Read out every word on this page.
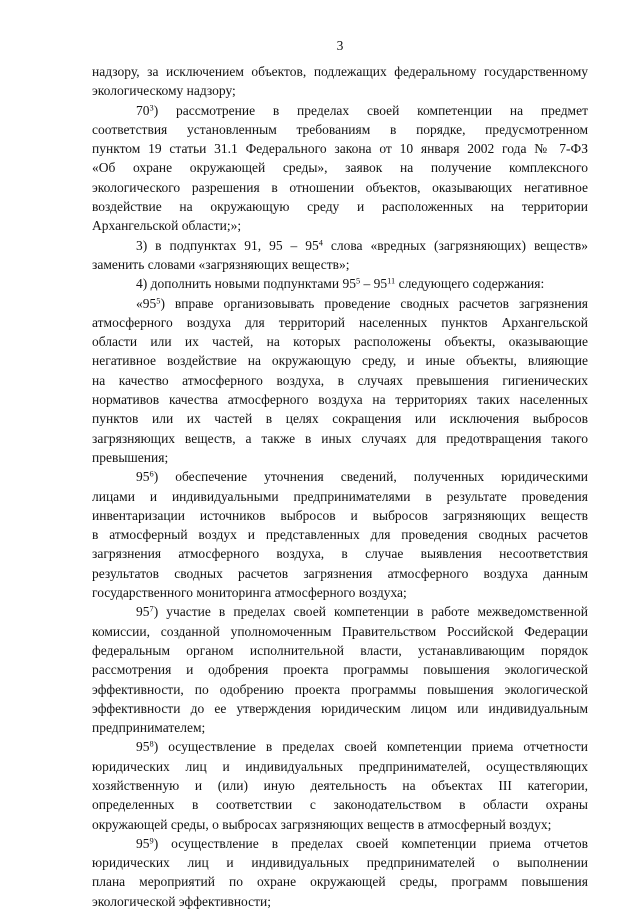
3
надзору, за исключением объектов, подлежащих федеральному государственному
экологическому надзору;
$70^3$) рассмотрение в пределах своей компетенции на предмет
соответствия установленным требованиям в порядке, предусмотренном
пунктом 19 статьи 31.1 Федерального закона от 10 января 2002 года № 7-ФЗ
«Об охране окружающей среды», заявок на получение комплексного
экологического разрешения в отношении объектов, оказывающих негативное
воздействие на окружающую среду и расположенных на территории
Архангельской области;»;
3) в подпунктах 91, $95 - 95^4$ слова «вредных (загрязняющих) веществ»
заменить словами «загрязняющих веществ»;
4) дополнить новыми подпунктами $95^5 - 95^{11}$ следующего содержания:
«$95^5$) вправе организовывать проведение сводных расчетов загрязнения
атмосферного воздуха для территорий населенных пунктов Архангельской
области или их частей, на которых расположены объекты, оказывающие
негативное воздействие на окружающую среду, и иные объекты, влияющие
на качество атмосферного воздуха, в случаях превышения гигиенических
нормативов качества атмосферного воздуха на территориях таких населенных
пунктов или их частей в целях сокращения или исключения выбросов
загрязняющих веществ, а также в иных случаях для предотвращения такого
превышения;
$95^6$) обеспечение уточнения сведений, полученных юридическими
лицами и индивидуальными предпринимателями в результате проведения
инвентаризации источников выбросов и выбросов загрязняющих веществ
в атмосферный воздух и представленных для проведения сводных расчетов
загрязнения атмосферного воздуха, в случае выявления несоответствия
результатов сводных расчетов загрязнения атмосферного воздуха данным
государственного мониторинга атмосферного воздуха;
$95^7$) участие в пределах своей компетенции в работе межведомственной
комиссии, созданной уполномоченным Правительством Российской Федерации
федеральным органом исполнительной власти, устанавливающим порядок
рассмотрения и одобрения проекта программы повышения экологической
эффективности, по одобрению проекта программы повышения экологической
эффективности до ее утверждения юридическим лицом или индивидуальным
предпринимателем;
$95^8$) осуществление в пределах своей компетенции приема отчетности
юридических лиц и индивидуальных предпринимателей, осуществляющих
хозяйственную и (или) иную деятельность на объектах III категории,
определенных в соответствии с законодательством в области охраны
окружающей среды, о выбросах загрязняющих веществ в атмосферный воздух;
$95^9$) осуществление в пределах своей компетенции приема отчетов
юридических лиц и индивидуальных предпринимателей о выполнении
плана мероприятий по охране окружающей среды, программ повышения
экологической эффективности;
